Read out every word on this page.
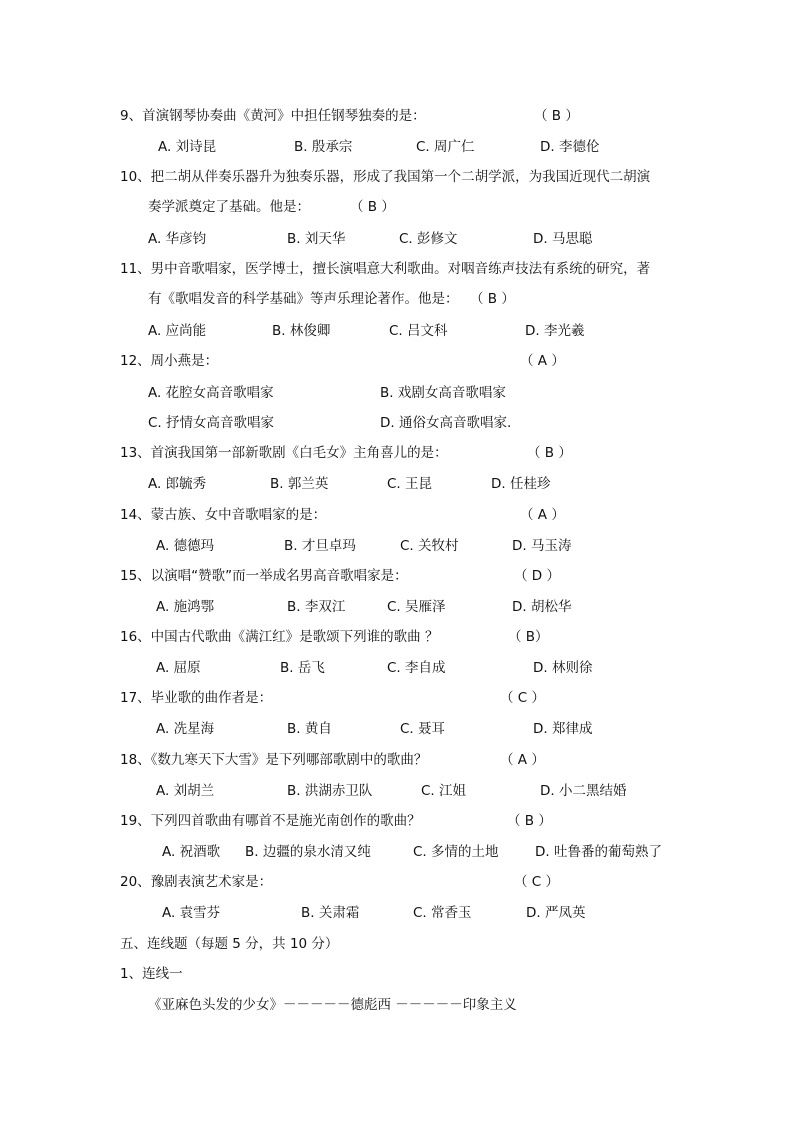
9、首演钢琴协奏曲《黄河》中担任钢琴独奏的是：	（ B ）
A. 刘诗昆	B. 殷承宗	C. 周广仁	D. 李德伦
10、把二胡从伴奏乐器升为独奏乐器，形成了我国第一个二胡学派，为我国近现代二胡演
奏学派奠定了基础。他是：	（ B ）
A. 华彦钧	B. 刘天华	C. 彭修文	D. 马思聪
11、男中音歌唱家，医学博士，擅长演唱意大利歌曲。对咽音练声技法有系统的研究，著
有《歌唱发音的科学基础》等声乐理论著作。他是： （ B ）
A. 应尚能	B. 林俊卿	C. 吕文科	D. 李光羲
12、周小燕是：	（ A ）
A. 花腔女高音歌唱家	B. 戏剧女高音歌唱家
C. 抒情女高音歌唱家	D. 通俗女高音歌唱家.
13、首演我国第一部新歌剧《白毛女》主角喜儿的是：	（ B ）
A. 郎毓秀	B. 郭兰英	C. 王昆	D. 任桂珍
14、蒙古族、女中音歌唱家的是：	（ A ）
A. 德德玛	B. 才旦卓玛	C. 关牧村	D. 马玉涛
15、以演唱“赞歌”而一举成名男高音歌唱家是：	（ D ）
A. 施鸿鄂	B. 李双江	C. 吴雁泽	D. 胡松华
16、中国古代歌曲《满江红》是歌颂下列谁的歌曲 ？	（ B）
A. 屈原	B. 岳飞	C. 李自成	D. 林则徐
17、毕业歌的曲作者是：	（ C ）
A. 冼星海	B. 黄自	C. 聂耳	D. 郑律成
18、《数九寒天下大雪》是下列哪部歌剧中的歌曲？	（ A ）
A. 刘胡兰	B. 洪湖赤卫队	C. 江姐	D. 小二黑结婚
19、下列四首歌曲有哪首不是施光南创作的歌曲？	（ B ）
A. 祝酒歌 B. 边疆的泉水清又纯	C. 多情的土地	D. 吐鲁番的葡萄熟了
20、豫剧表演艺术家是：	（ C ）
A. 袁雪芬	B. 关肃霜	C. 常香玉	D. 严凤英
五、连线题（每题 5 分，共 10 分）
1、连线一
《亚麻色头发的少女》－－－－－德彪西 －－－－－印象主义
